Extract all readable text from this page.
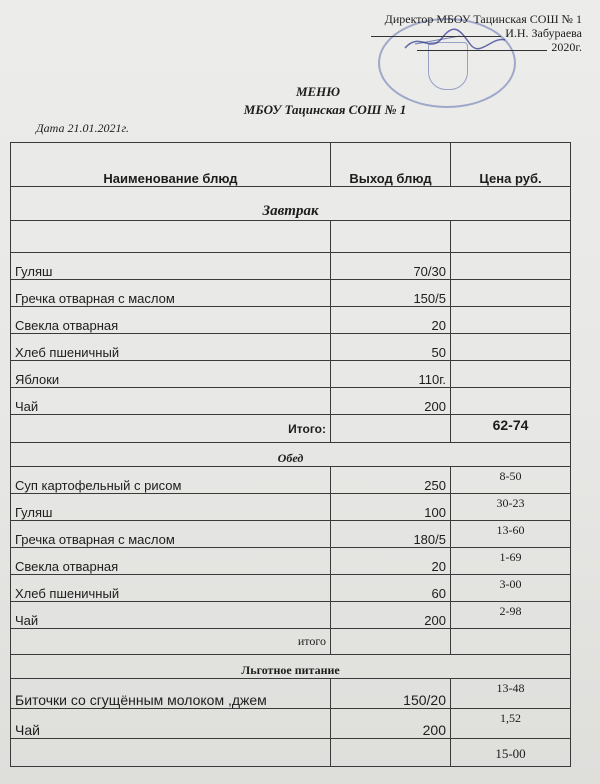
Директор МБОУ Тацинская СОШ № 1
И.Н. Забураева
2020г.
МЕНЮ
МБОУ Тацинская СОШ № 1
Дата 21.01.2021г.
Наименование блюд	Выход блюд	Цена руб.
Завтрак		

Гуляш	70/30	
Гречка отварная с маслом	150/5	
Свекла отварная	20	
Хлеб пшеничный	50	
Яблоки	110г.	
Чай	200	
Итого:		62-74
Обед		
Суп картофельный с рисом	250	8-50
Гуляш	100	30-23
Гречка отварная с маслом	180/5	13-60
Свекла отварная	20	1-69
Хлеб пшеничный	60	3-00
Чай	200	2-98
итого		
Льготное питание		
Биточки со сгущённым молоком ,джем	150/20	13-48
Чай	200	1,52
		15-00
